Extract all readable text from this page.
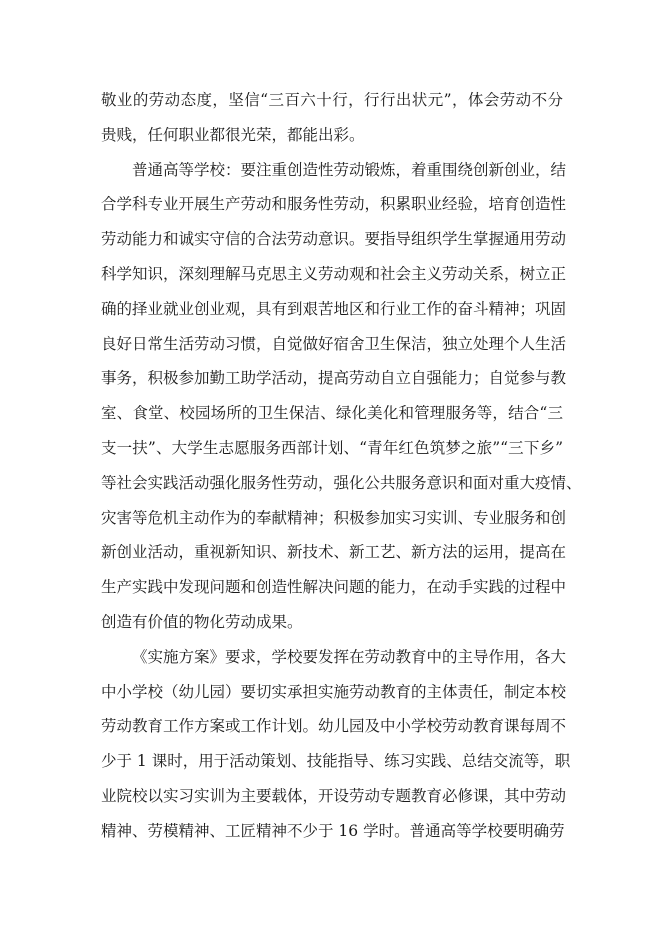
敬业的劳动态度，坚信“三百六十行，行行出状元”，体会劳动不分
贵贱，任何职业都很光荣，都能出彩。
普通高等学校：要注重创造性劳动锻炼，着重围绕创新创业，结
合学科专业开展生产劳动和服务性劳动，积累职业经验，培育创造性
劳动能力和诚实守信的合法劳动意识。要指导组织学生掌握通用劳动
科学知识，深刻理解马克思主义劳动观和社会主义劳动关系，树立正
确的择业就业创业观，具有到艰苦地区和行业工作的奋斗精神；巩固
良好日常生活劳动习惯，自觉做好宿舍卫生保洁，独立处理个人生活
事务，积极参加勤工助学活动，提高劳动自立自强能力；自觉参与教
室、食堂、校园场所的卫生保洁、绿化美化和管理服务等，结合“三
支一扶”、大学生志愿服务西部计划、“青年红色筑梦之旅”“三下乡”
等社会实践活动强化服务性劳动，强化公共服务意识和面对重大疫情、
灾害等危机主动作为的奉献精神；积极参加实习实训、专业服务和创
新创业活动，重视新知识、新技术、新工艺、新方法的运用，提高在
生产实践中发现问题和创造性解决问题的能力，在动手实践的过程中
创造有价值的物化劳动成果。
《实施方案》要求，学校要发挥在劳动教育中的主导作用，各大
中小学校（幼儿园）要切实承担实施劳动教育的主体责任，制定本校
劳动教育工作方案或工作计划。幼儿园及中小学校劳动教育课每周不
少于 1 课时，用于活动策划、技能指导、练习实践、总结交流等，职
业院校以实习实训为主要载体，开设劳动专题教育必修课，其中劳动
精神、劳模精神、工匠精神不少于 16 学时。普通高等学校要明确劳
